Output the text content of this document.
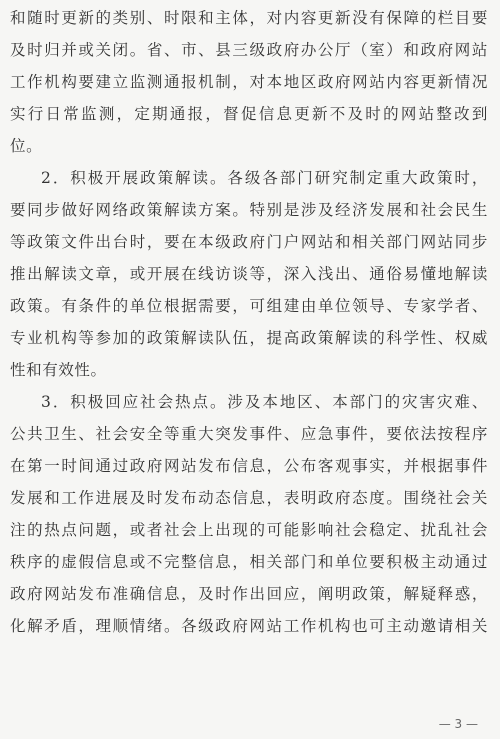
和随时更新的类别、时限和主体，对内容更新没有保障的栏目要
及时归并或关闭。省、市、县三级政府办公厅（室）和政府网站
工作机构要建立监测通报机制，对本地区政府网站内容更新情况
实行日常监测，定期通报，督促信息更新不及时的网站整改到
位。
2．积极开展政策解读。各级各部门研究制定重大政策时，
要同步做好网络政策解读方案。特别是涉及经济发展和社会民生
等政策文件出台时，要在本级政府门户网站和相关部门网站同步
推出解读文章，或开展在线访谈等，深入浅出、通俗易懂地解读
政策。有条件的单位根据需要，可组建由单位领导、专家学者、
专业机构等参加的政策解读队伍，提高政策解读的科学性、权威
性和有效性。
3．积极回应社会热点。涉及本地区、本部门的灾害灾难、
公共卫生、社会安全等重大突发事件、应急事件，要依法按程序
在第一时间通过政府网站发布信息，公布客观事实，并根据事件
发展和工作进展及时发布动态信息，表明政府态度。围绕社会关
注的热点问题，或者社会上出现的可能影响社会稳定、扰乱社会
秩序的虚假信息或不完整信息，相关部门和单位要积极主动通过
政府网站发布准确信息，及时作出回应，阐明政策，解疑释惑，
化解矛盾，理顺情绪。各级政府网站工作机构也可主动邀请相关
— 3 —
